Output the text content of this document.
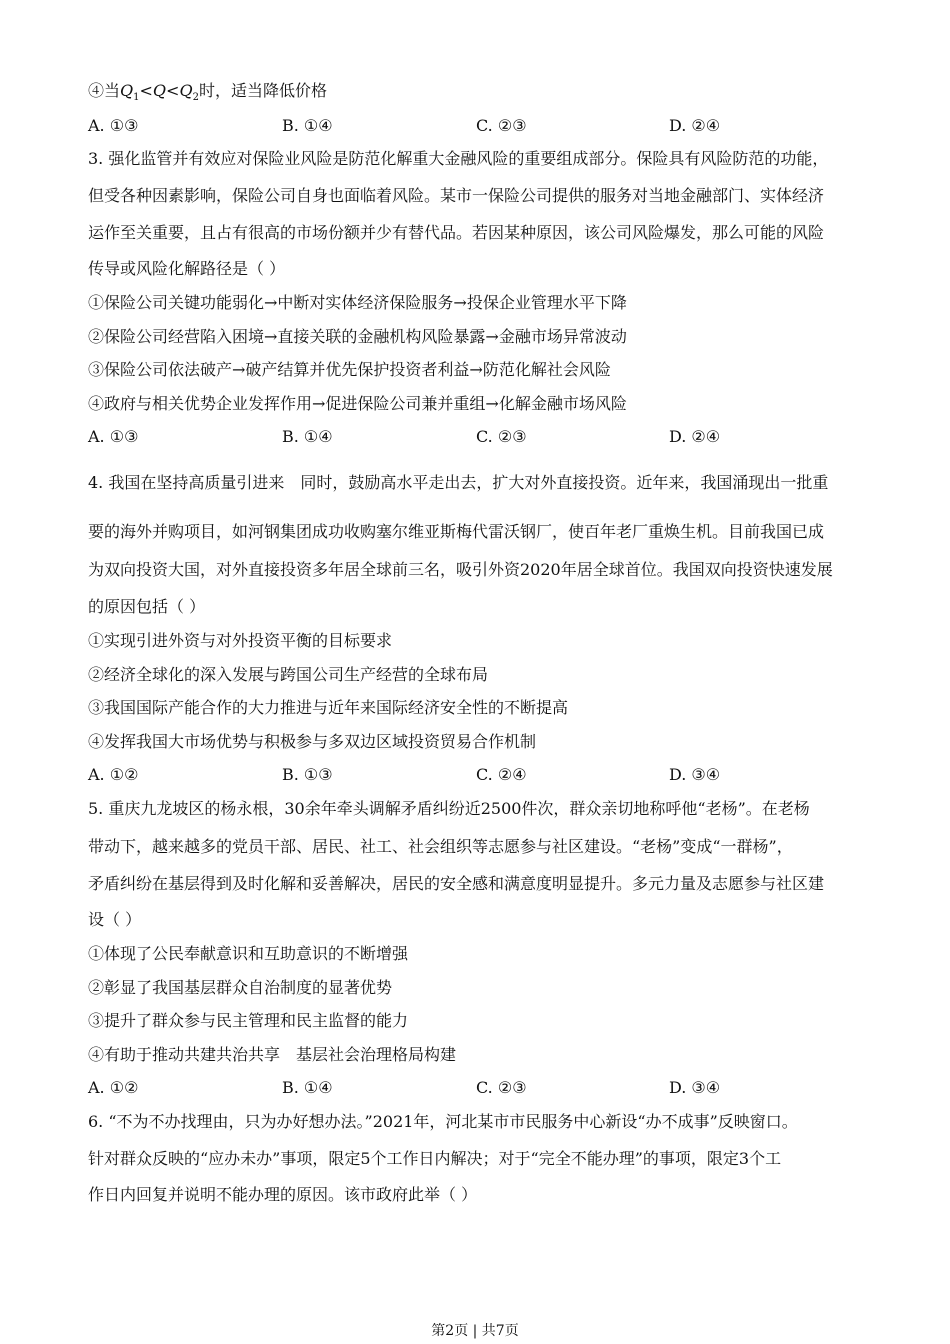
④当$Q_1<Q<Q_2$时，适当降低价格
A. ①③	B. ①④	C. ②③	D. ②④
3. 强化监管并有效应对保险业风险是防范化解重大金融风险的重要组成部分。保险具有风险防范的功能，
但受各种因素影响，保险公司自身也面临着风险。某市一保险公司提供的服务对当地金融部门、实体经济
运作至关重要，且占有很高的市场份额并少有替代品。若因某种原因，该公司风险爆发，那么可能的风险
传导或风险化解路径是（ ）
①保险公司关键功能弱化→中断对实体经济保险服务→投保企业管理水平下降
②保险公司经营陷入困境→直接关联的金融机构风险暴露→金融市场异常波动
③保险公司依法破产→破产结算并优先保护投资者利益→防范化解社会风险
④政府与相关优势企业发挥作用→促进保险公司兼并重组→化解金融市场风险
A. ①③	B. ①④	C. ②③	D. ②④
4. 我国在坚持高质量引进来　同时，鼓励高水平走出去，扩大对外直接投资。近年来，我国涌现出一批重
要的海外并购项目，如河钢集团成功收购塞尔维亚斯梅代雷沃钢厂，使百年老厂重焕生机。目前我国已成
为双向投资大国，对外直接投资多年居全球前三名，吸引外资2020年居全球首位。我国双向投资快速发展
的原因包括（ ）
①实现引进外资与对外投资平衡的目标要求
②经济全球化的深入发展与跨国公司生产经营的全球布局
③我国国际产能合作的大力推进与近年来国际经济安全性的不断提高
④发挥我国大市场优势与积极参与多双边区域投资贸易合作机制
A. ①②	B. ①③	C. ②④	D. ③④
5. 重庆九龙坡区的杨永根，30余年牵头调解矛盾纠纷近2500件次，群众亲切地称呼他“老杨”。在老杨
带动下，越来越多的党员干部、居民、社工、社会组织等志愿参与社区建设。“老杨”变成“一群杨”，
矛盾纠纷在基层得到及时化解和妥善解决，居民的安全感和满意度明显提升。多元力量及志愿参与社区建
设（ ）
①体现了公民奉献意识和互助意识的不断增强
②彰显了我国基层群众自治制度的显著优势
③提升了群众参与民主管理和民主监督的能力
④有助于推动共建共治共享　基层社会治理格局构建
A. ①②	B. ①④	C. ②③	D. ③④
6. “不为不办找理由，只为办好想办法。”2021年，河北某市市民服务中心新设“办不成事”反映窗口。
针对群众反映的“应办未办”事项，限定5个工作日内解决；对于“完全不能办理”的事项，限定3个工
作日内回复并说明不能办理的原因。该市政府此举（ ）
第2页 | 共7页
